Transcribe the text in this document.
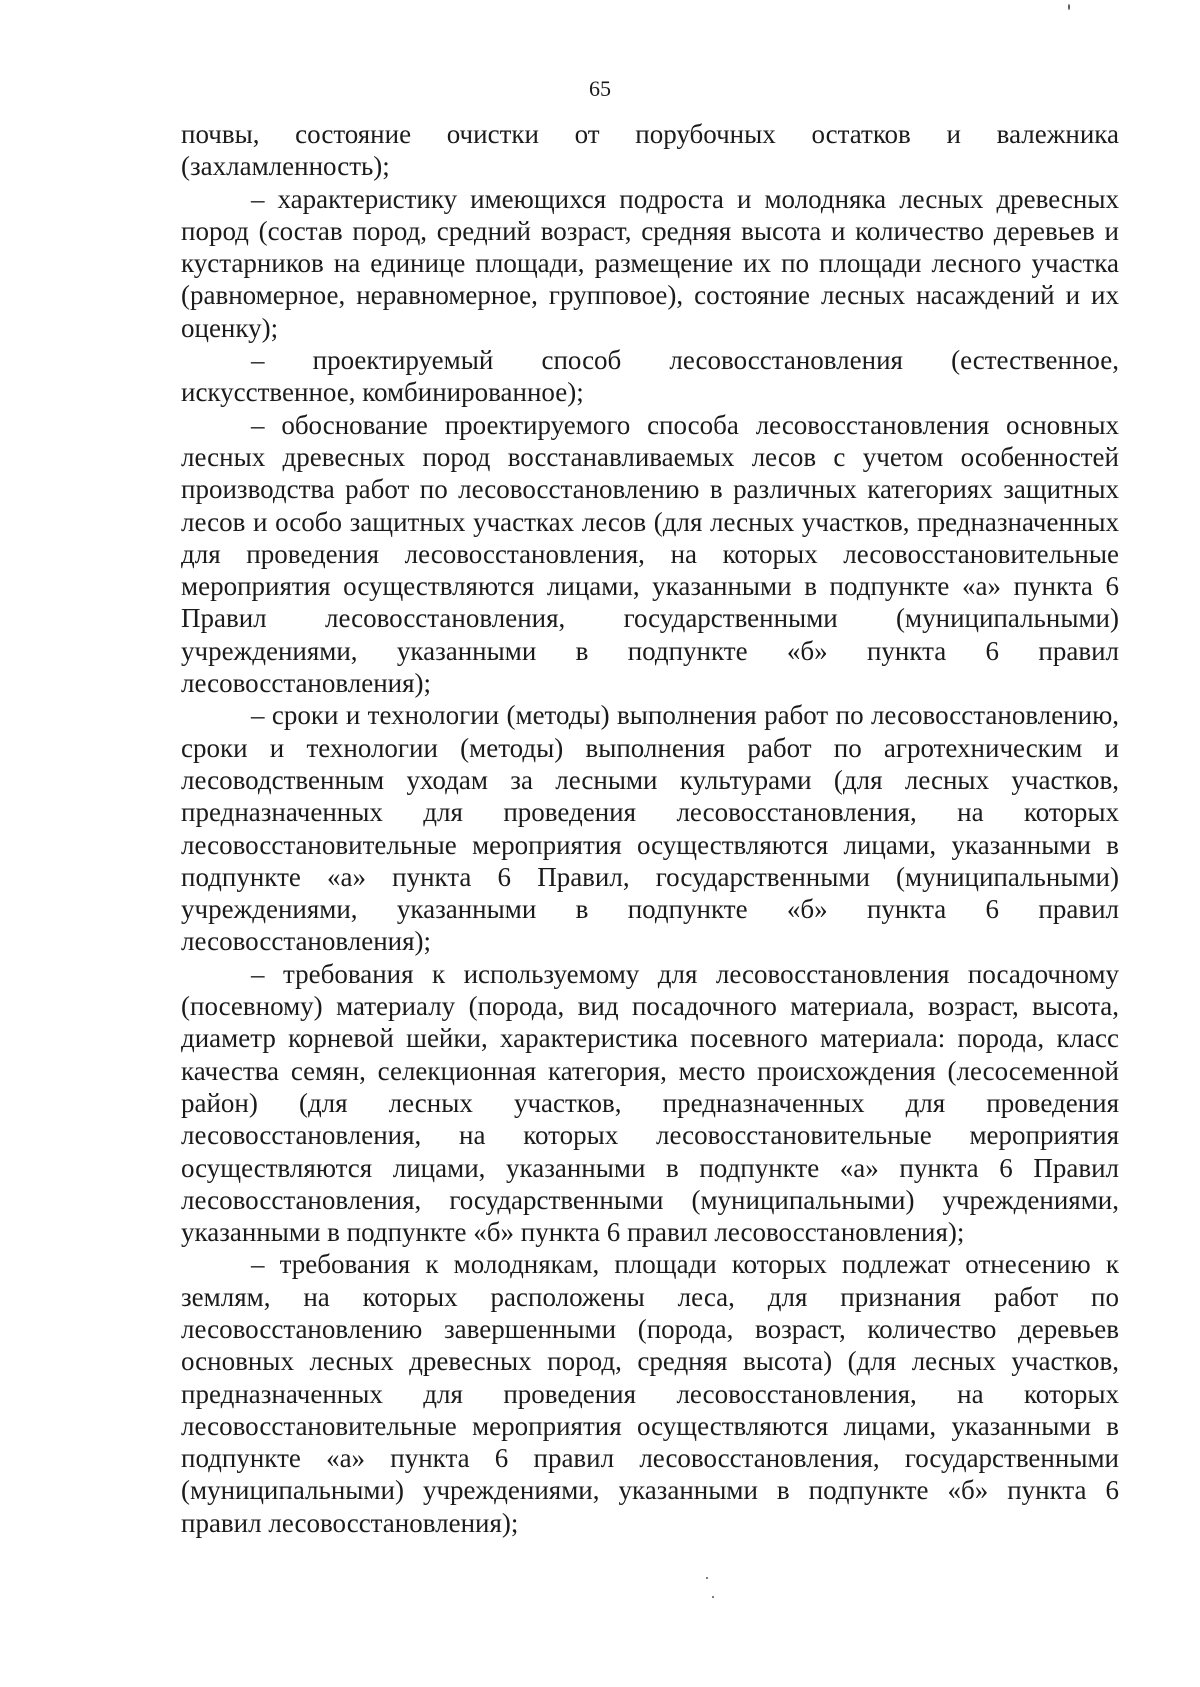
65

почвы, состояние очистки от порубочных остатков и валежника (захламленность);

– характеристику имеющихся подроста и молодняка лесных древесных пород (состав пород, средний возраст, средняя высота и количество деревьев и кустарников на единице площади, размещение их по площади лесного участка (равномерное, неравномерное, групповое), состояние лесных насаждений и их оценку);

– проектируемый способ лесовосстановления (естественное, искусственное, комбинированное);

– обоснование проектируемого способа лесовосстановления основных лесных древесных пород восстанавливаемых лесов с учетом особенностей производства работ по лесовосстановлению в различных категориях защитных лесов и особо защитных участках лесов (для лесных участков, предназначенных для проведения лесовосстановления, на которых лесовосстановительные мероприятия осуществляются лицами, указанными в подпункте «а» пункта 6 Правил лесовосстановления, государственными (муниципальными) учреждениями, указанными в подпункте «б» пункта 6 правил лесовосстановления);

– сроки и технологии (методы) выполнения работ по лесовосстановлению, сроки и технологии (методы) выполнения работ по агротехническим и лесоводственным уходам за лесными культурами (для лесных участков, предназначенных для проведения лесовосстановления, на которых лесовосстановительные мероприятия осуществляются лицами, указанными в подпункте «а» пункта 6 Правил, государственными (муниципальными) учреждениями, указанными в подпункте «б» пункта 6 правил лесовосстановления);

– требования к используемому для лесовосстановления посадочному (посевному) материалу (порода, вид посадочного материала, возраст, высота, диаметр корневой шейки, характеристика посевного материала: порода, класс качества семян, селекционная категория, место происхождения (лесосеменной район) (для лесных участков, предназначенных для проведения лесовосстановления, на которых лесовосстановительные мероприятия осуществляются лицами, указанными в подпункте «а» пункта 6 Правил лесовосстановления, государственными (муниципальными) учреждениями, указанными в подпункте «б» пункта 6 правил лесовосстановления);

– требования к молоднякам, площади которых подлежат отнесению к землям, на которых расположены леса, для признания работ по лесовосстановлению завершенными (порода, возраст, количество деревьев основных лесных древесных пород, средняя высота) (для лесных участков, предназначенных для проведения лесовосстановления, на которых лесовосстановительные мероприятия осуществляются лицами, указанными в подпункте «а» пункта 6 правил лесовосстановления, государственными (муниципальными) учреждениями, указанными в подпункте «б» пункта 6 правил лесовосстановления);
